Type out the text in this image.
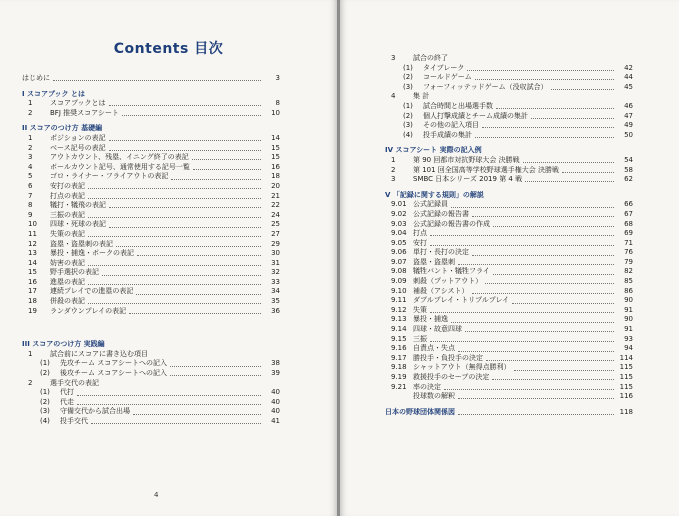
Contents 目次
はじめに	3
I スコアブック とは
1	スコアブックとは	8
2	BFJ 推奨スコアシート	10
II スコアのつけ方 基礎編
1	ポジションの表記	14
2	ベース記号の表記	15
3	アウトカウント、残塁、イニング終了の表記	15
4	ボールカウント記号、通常使用する記号一覧	16
5	ゴロ・ライナー・フライアウトの表記	18
6	安打の表記	20
7	打点の表記	21
8	犠打・犠飛の表記	22
9	三振の表記	24
10	四球・死球の表記	25
11	失策の表記	27
12	盗塁・盗塁刺の表記	29
13	暴投・捕逸・ボークの表記	30
14	妨害の表記	31
15	野手選択の表記	32
16	進塁の表記	33
17	連続プレイでの進塁の表記	34
18	併殺の表記	35
19	ランダウンプレイの表記	36
III スコアのつけ方 実践編
1	試合前にスコアに書き込む項目
(1)	先攻チーム スコアシートへの記入	38
(2)	後攻チーム スコアシートへの記入	39
2	選手交代の表記
(1)	代打	40
(2)	代走	40
(3)	守備交代から試合出場	40
(4)	投手交代	41
4
3	試合の終了
(1)	タイブレーク	42
(2)	コールドゲーム	44
(3)	フォーフィッテッドゲーム（没収試合）	45
4	集 計
(1)	試合時間と出場選手数	46
(2)	個人打撃成績とチーム成績の集計	47
(3)	その他の記入項目	49
(4)	投手成績の集計	50
IV スコアシート 実際の記入例
1	第 90 回都市対抗野球大会 決勝戦	54
2	第 101 回全国高等学校野球選手権大会 決勝戦	58
3	SMBC 日本シリーズ 2019 第 4 戦	62
V 「記録に関する規則」の解説
9.01 公式記録員	66
9.02 公式記録の報告書	67
9.03 公式記録の報告書の作成	68
9.04 打点	69
9.05 安打	71
9.06 単打・長打の決定	76
9.07 盗塁・盗塁刺	79
9.08 犠牲バント・犠牲フライ	82
9.09 刺殺（プットアウト）	85
9.10 補殺（アシスト）	86
9.11 ダブルプレイ・トリプルプレイ	90
9.12 失策	91
9.13 暴投・捕逸	90
9.14 四球・故意四球	91
9.15 三振	93
9.16 自責点・失点	94
9.17 勝投手・負投手の決定	114
9.18 シャットアウト（無得点勝利）	115
9.19 救援投手のセーブの決定	115
9.21 率の決定	115
投球数の解釈	116
日本の野球団体関係図	118
